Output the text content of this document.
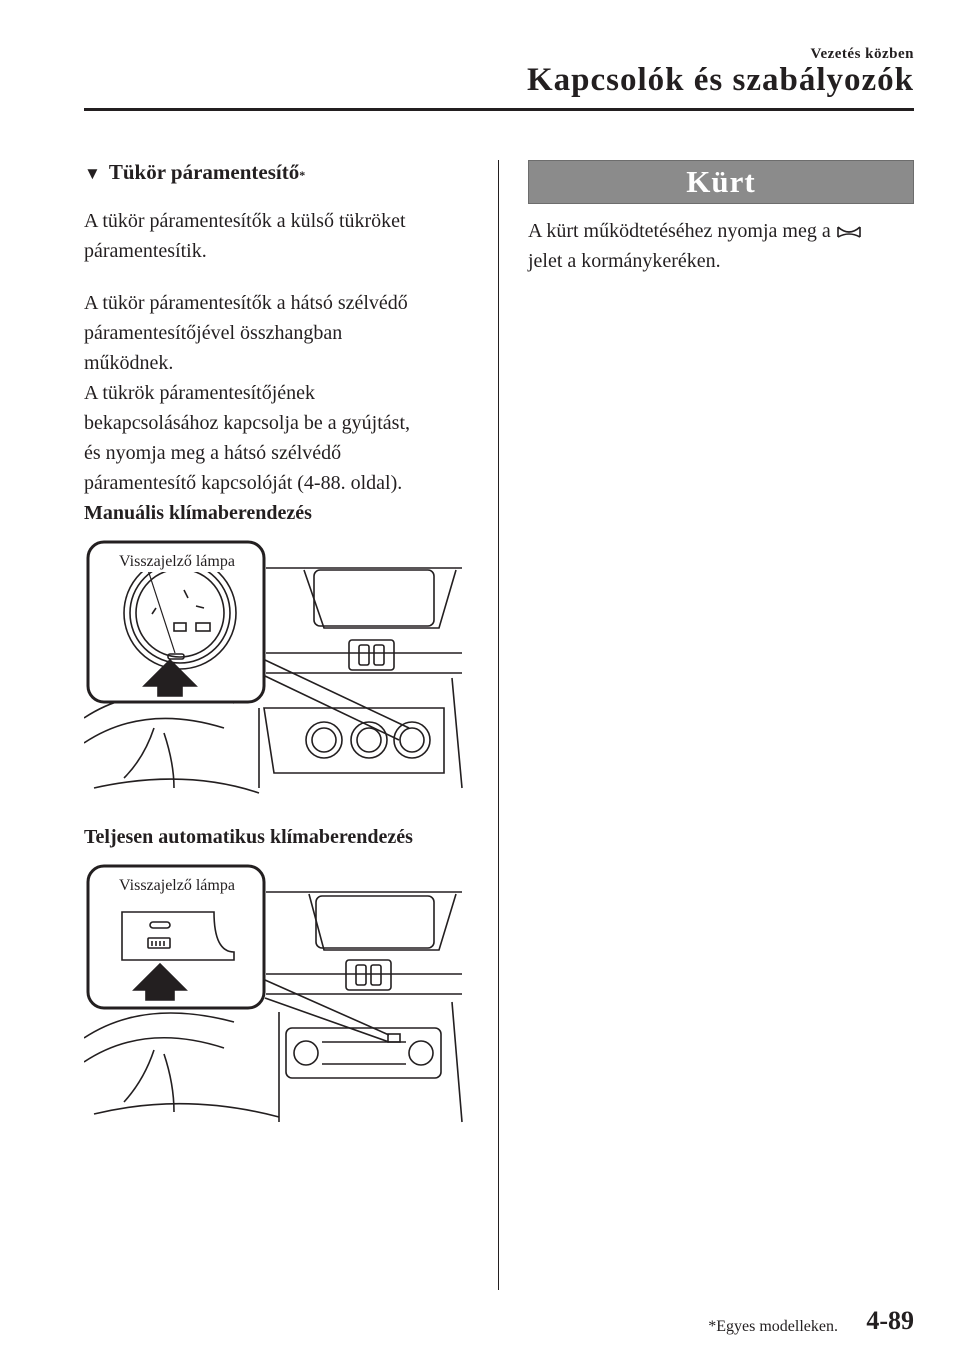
Vezetés közben
Kapcsolók és szabályozók
▼ Tükör páramentesítő *

A tükör páramentesítők a külső tükröket
páramentesítik.

A tükör páramentesítők a hátsó szélvédő
páramentesítőjével összhangban
működnek.
A tükrök páramentesítőjének
bekapcsolásához kapcsolja be a gyújtást,
és nyomja meg a hátsó szélvédő
páramentesítő kapcsolóját (4-88. oldal).

Manuális klímaberendezés

Visszajelző lámpa

Teljesen automatikus klímaberendezés

Visszajelző lámpa
Kürt

A kürt működtetéséhez nyomja meg a
jelet a kormánykeréken.

*Egyes modelleken. 4-89
